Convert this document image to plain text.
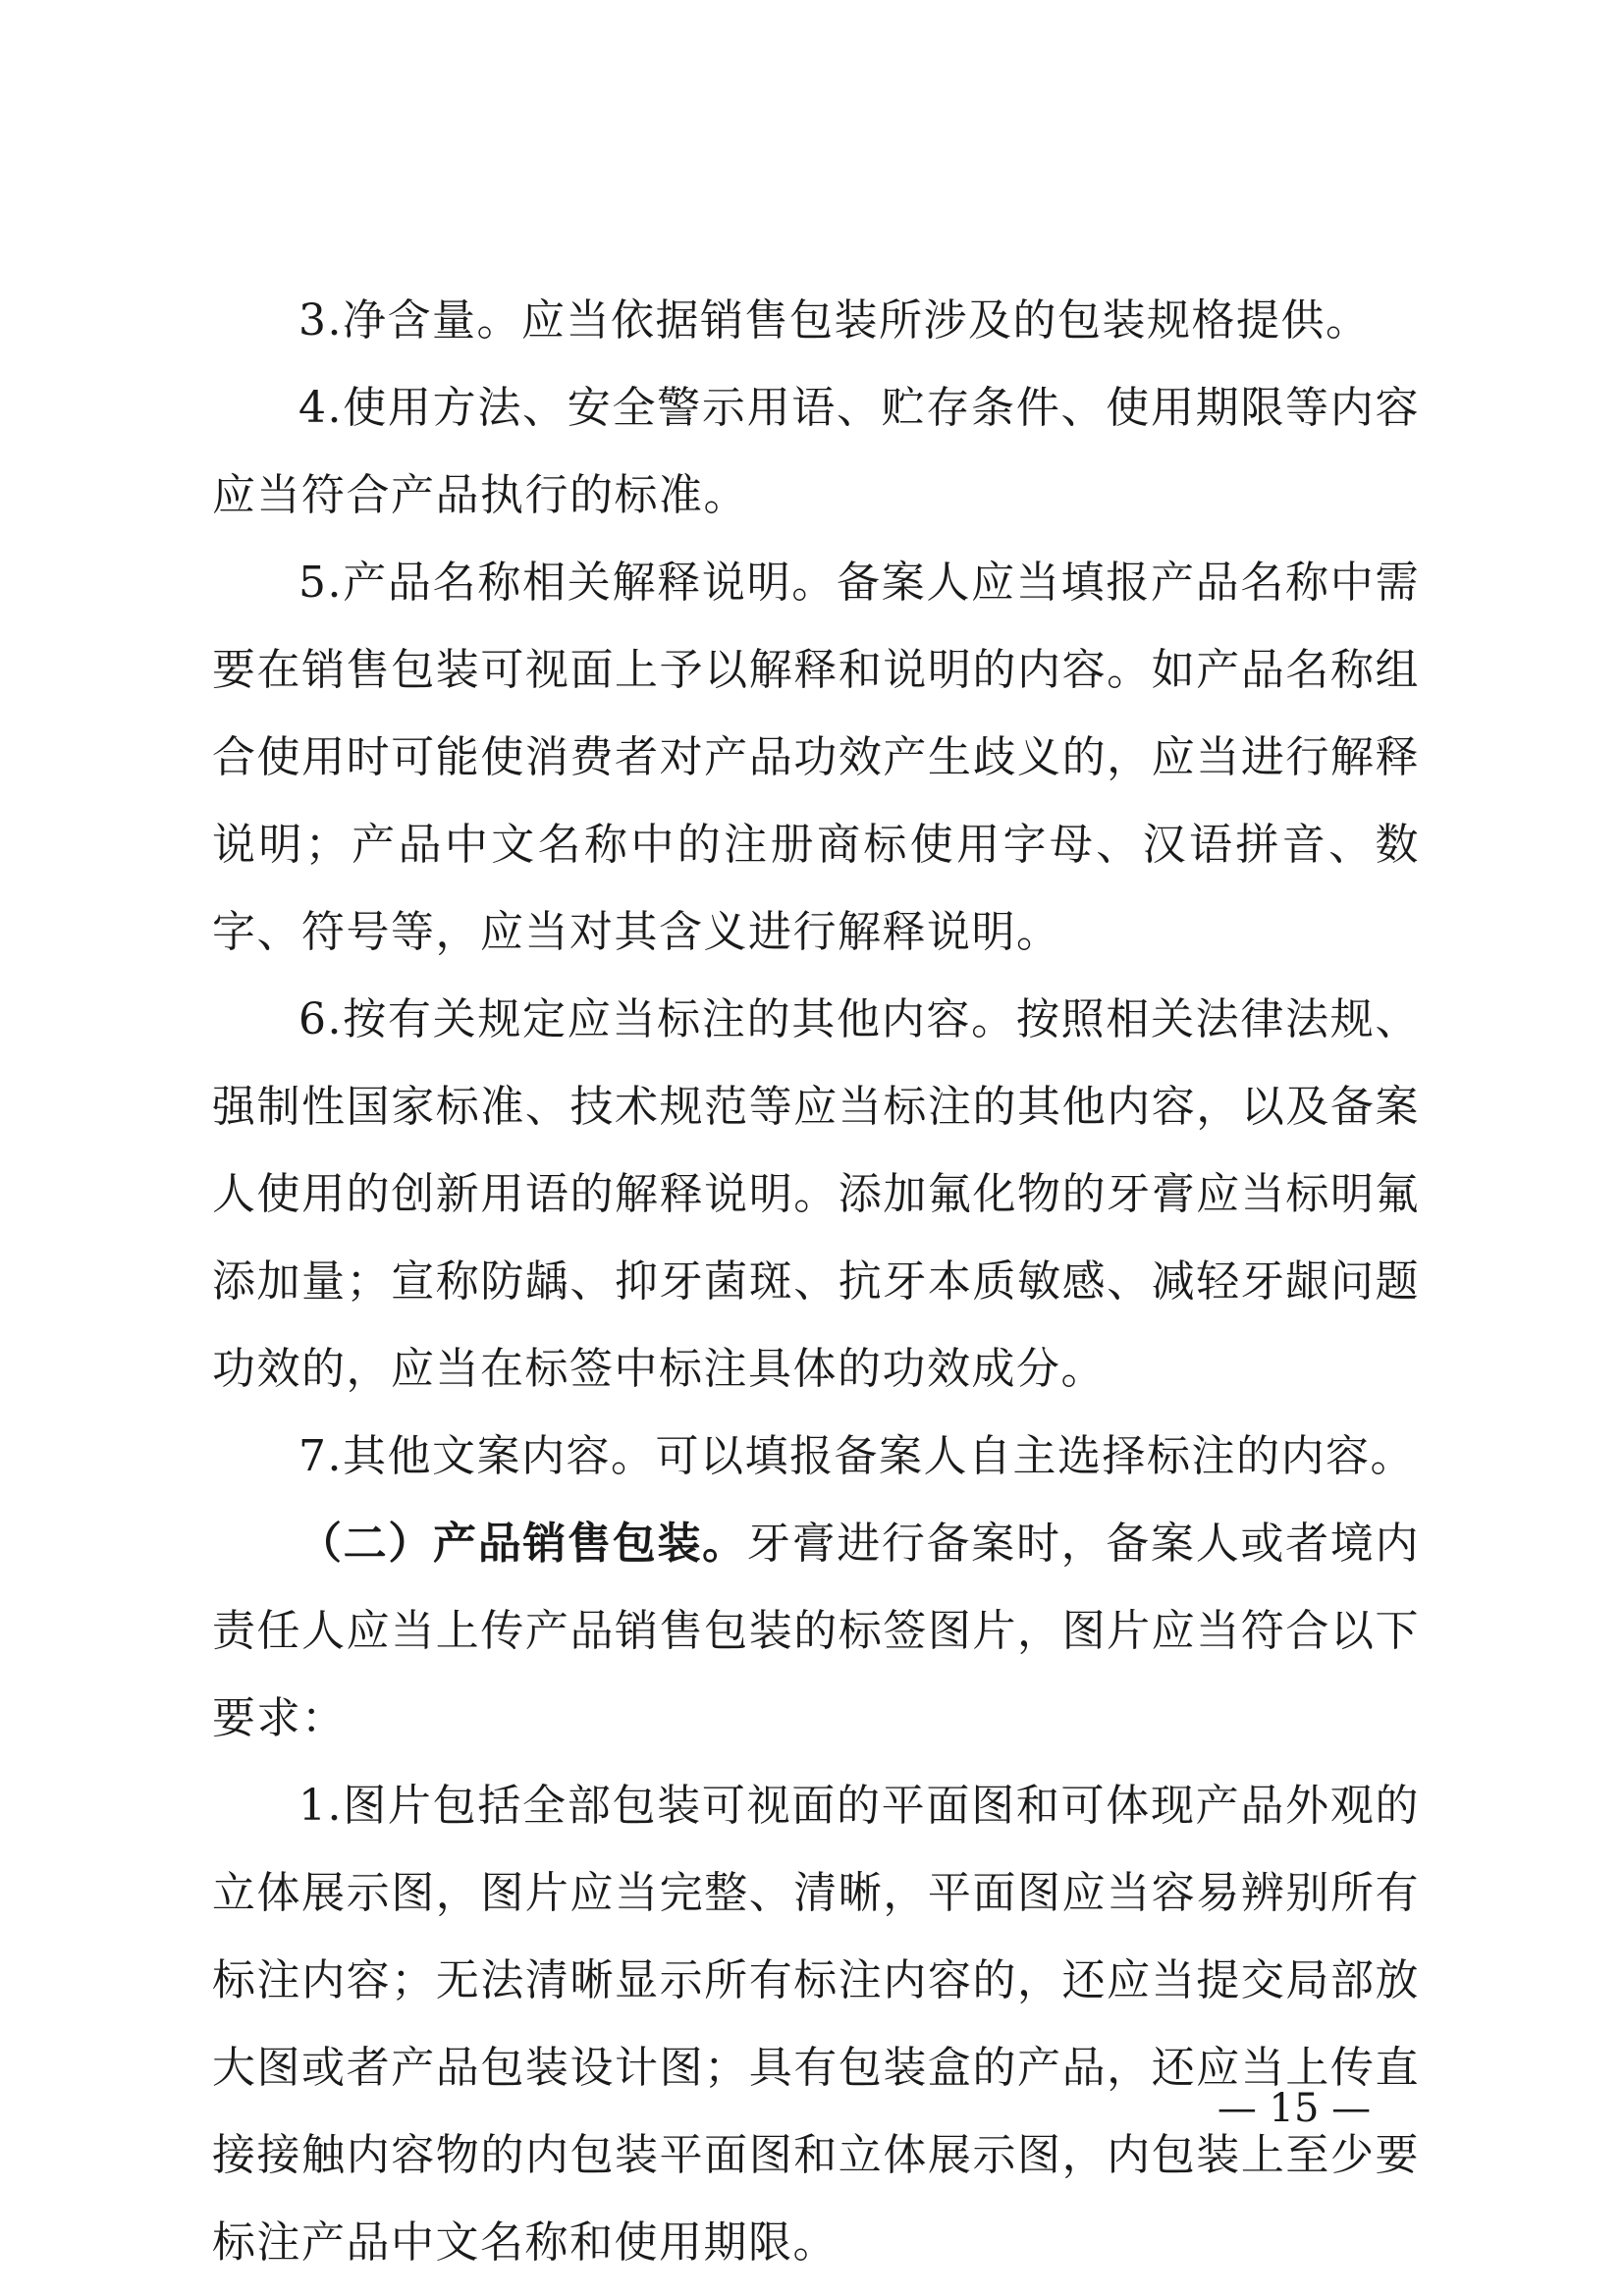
3.净含量。应当依据销售包装所涉及的包装规格提供。

4.使用方法、安全警示用语、贮存条件、使用期限等内容应当符合产品执行的标准。

5.产品名称相关解释说明。备案人应当填报产品名称中需要在销售包装可视面上予以解释和说明的内容。如产品名称组合使用时可能使消费者对产品功效产生歧义的，应当进行解释说明；产品中文名称中的注册商标使用字母、汉语拼音、数字、符号等，应当对其含义进行解释说明。

6.按有关规定应当标注的其他内容。按照相关法律法规、强制性国家标准、技术规范等应当标注的其他内容，以及备案人使用的创新用语的解释说明。添加氟化物的牙膏应当标明氟添加量；宣称防龋、抑牙菌斑、抗牙本质敏感、减轻牙龈问题功效的，应当在标签中标注具体的功效成分。

7.其他文案内容。可以填报备案人自主选择标注的内容。

（二）产品销售包装。牙膏进行备案时，备案人或者境内责任人应当上传产品销售包装的标签图片，图片应当符合以下要求：

1.图片包括全部包装可视面的平面图和可体现产品外观的立体展示图，图片应当完整、清晰，平面图应当容易辨别所有标注内容；无法清晰显示所有标注内容的，还应当提交局部放大图或者产品包装设计图；具有包装盒的产品，还应当上传直接接触内容物的内包装平面图和立体展示图，内包装上至少要标注产品中文名称和使用期限。

— 15 —
